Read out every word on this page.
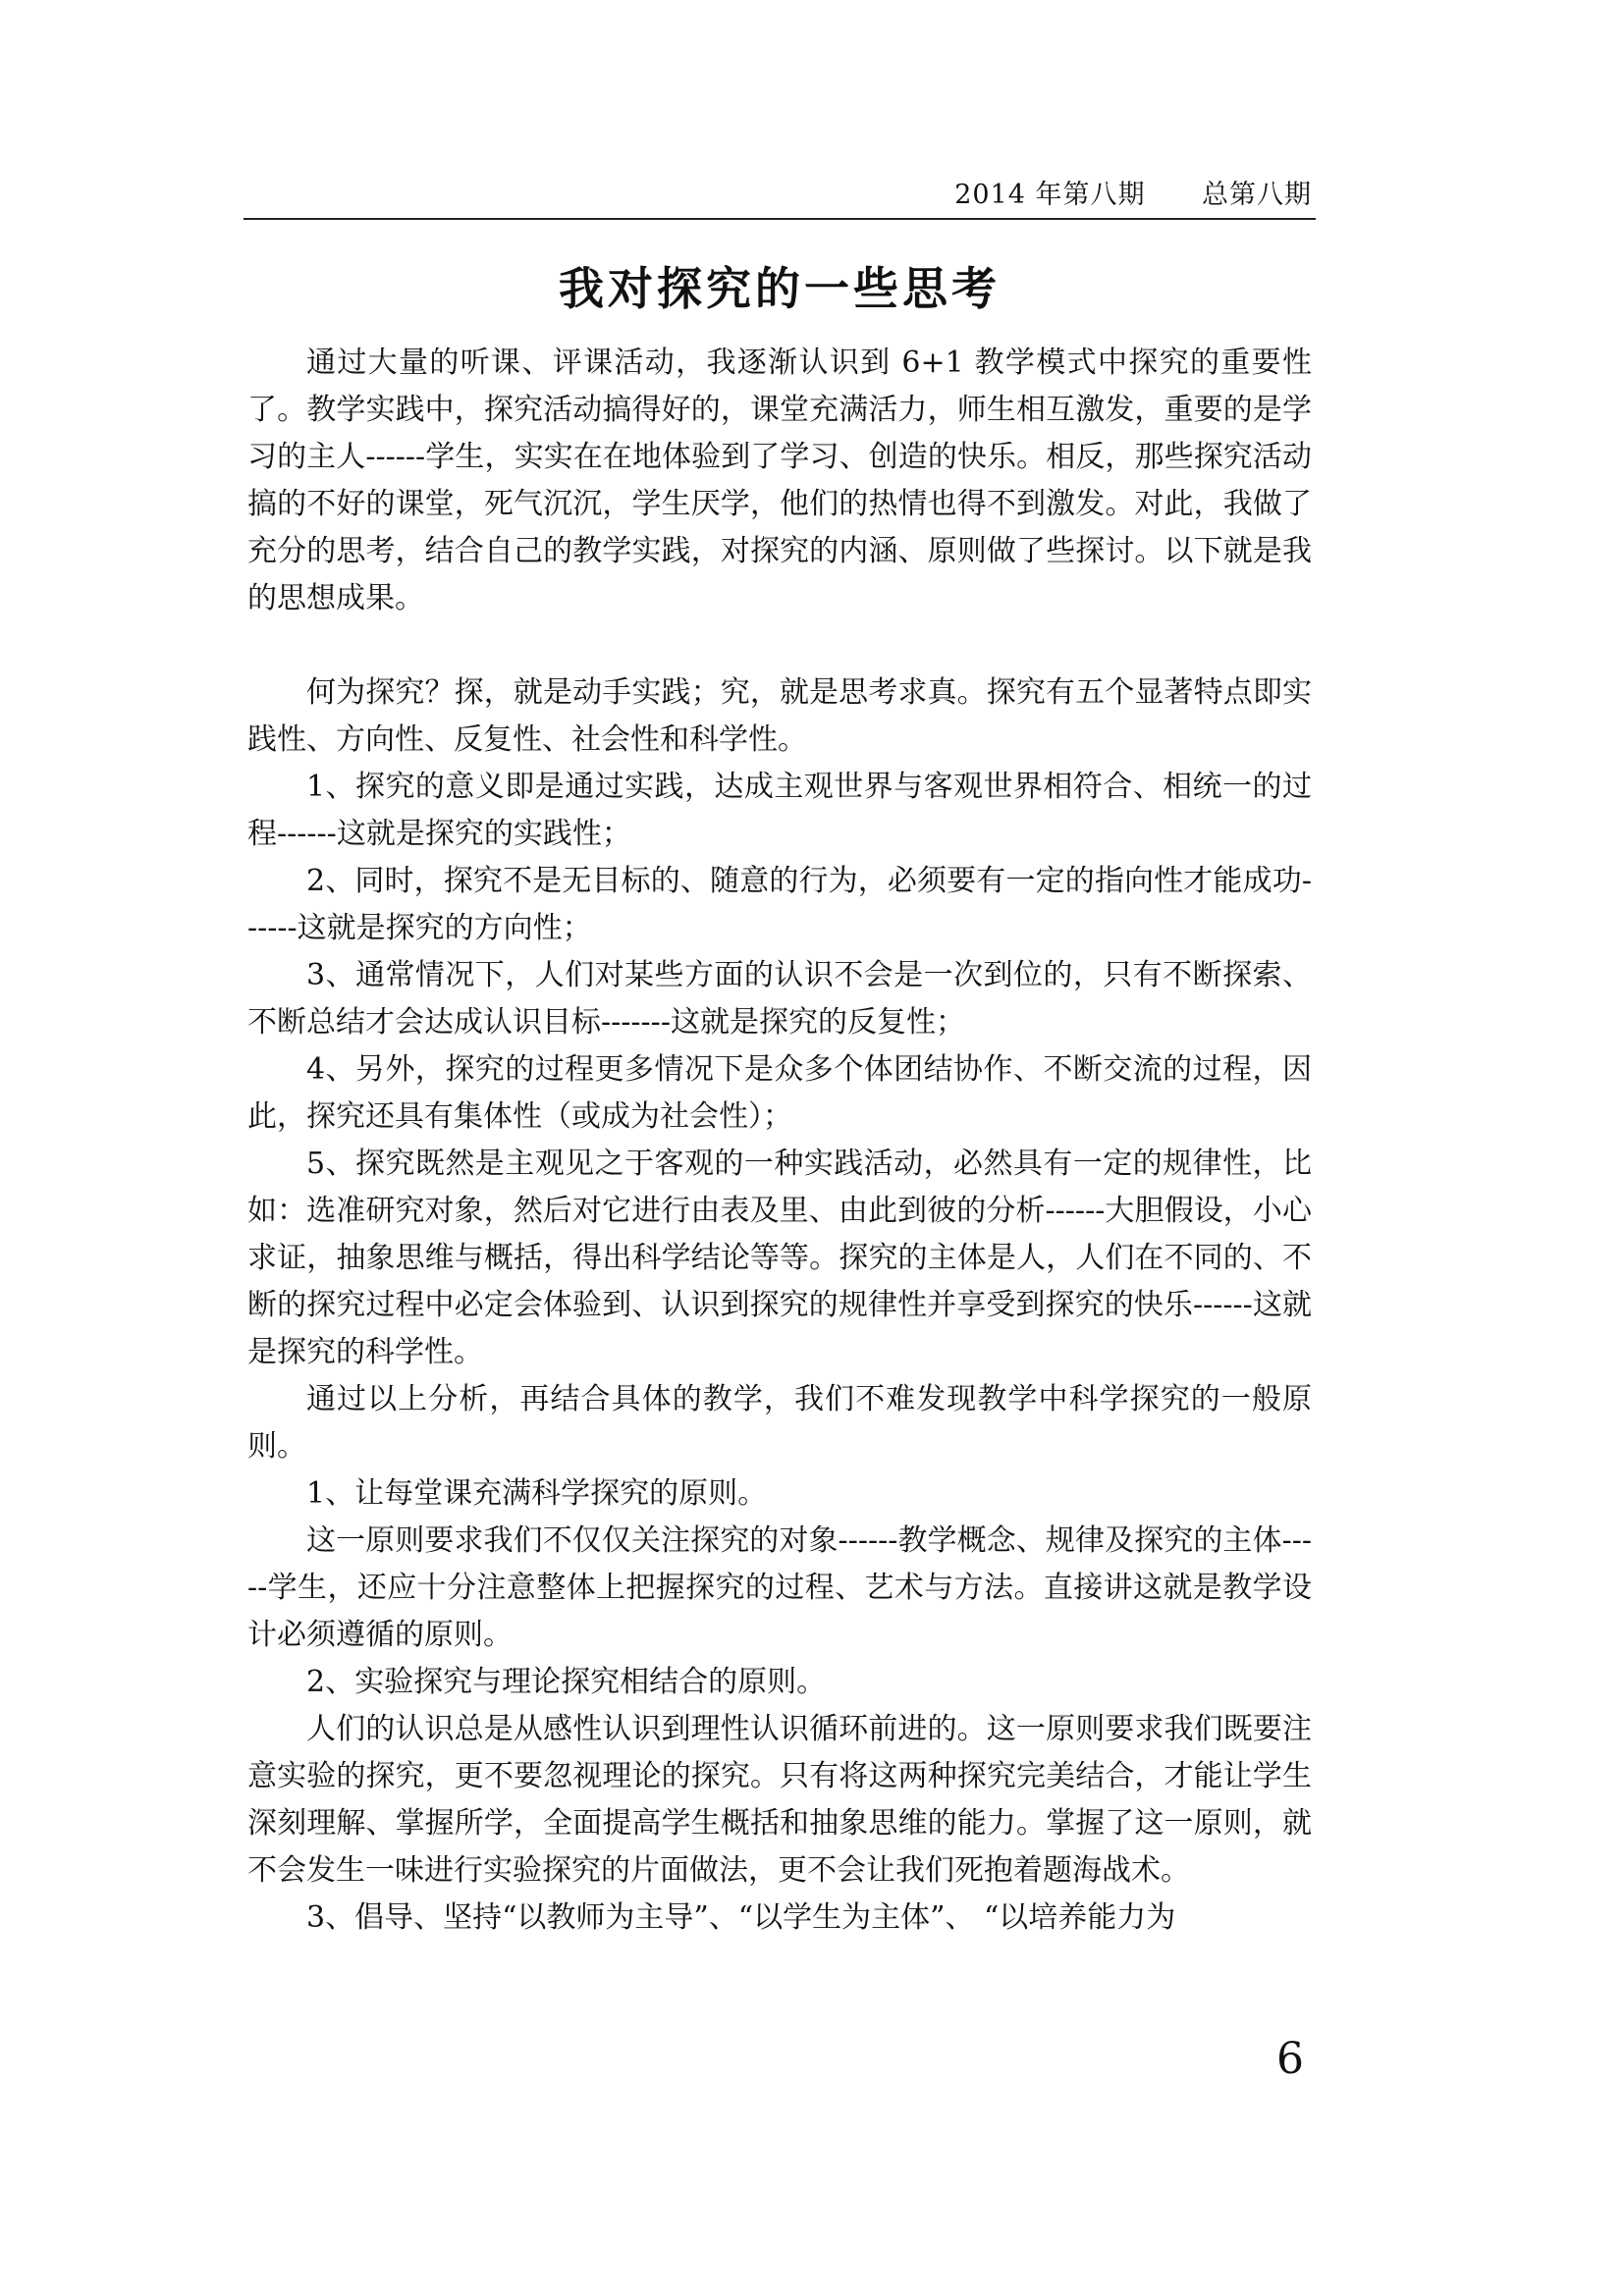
2014 年第八期 总第八期
我对探究的一些思考

通过大量的听课、评课活动，我逐渐认识到 6+1 教学模式中探究的重要性了。教学实践中，探究活动搞得好的，课堂充满活力，师生相互激发，重要的是学习的主人------学生，实实在在地体验到了学习、创造的快乐。相反，那些探究活动搞的不好的课堂，死气沉沉，学生厌学，他们的热情也得不到激发。对此，我做了充分的思考，结合自己的教学实践，对探究的内涵、原则做了些探讨。以下就是我的思想成果。

何为探究？探，就是动手实践；究，就是思考求真。探究有五个显著特点即实践性、方向性、反复性、社会性和科学性。

1、探究的意义即是通过实践，达成主观世界与客观世界相符合、相统一的过程------这就是探究的实践性；

2、同时，探究不是无目标的、随意的行为，必须要有一定的指向性才能成功------这就是探究的方向性；

3、通常情况下，人们对某些方面的认识不会是一次到位的，只有不断探索、不断总结才会达成认识目标-------这就是探究的反复性；

4、另外，探究的过程更多情况下是众多个体团结协作、不断交流的过程，因此，探究还具有集体性（或成为社会性）；

5、探究既然是主观见之于客观的一种实践活动，必然具有一定的规律性，比如：选准研究对象，然后对它进行由表及里、由此到彼的分析------大胆假设，小心求证，抽象思维与概括，得出科学结论等等。探究的主体是人，人们在不同的、不断的探究过程中必定会体验到、认识到探究的规律性并享受到探究的快乐------这就是探究的科学性。

通过以上分析，再结合具体的教学，我们不难发现教学中科学探究的一般原则。

1、让每堂课充满科学探究的原则。

这一原则要求我们不仅仅关注探究的对象------教学概念、规律及探究的主体-----学生，还应十分注意整体上把握探究的过程、艺术与方法。直接讲这就是教学设计必须遵循的原则。

2、实验探究与理论探究相结合的原则。

人们的认识总是从感性认识到理性认识循环前进的。这一原则要求我们既要注意实验的探究，更不要忽视理论的探究。只有将这两种探究完美结合，才能让学生深刻理解、掌握所学，全面提高学生概括和抽象思维的能力。掌握了这一原则，就不会发生一味进行实验探究的片面做法，更不会让我们死抱着题海战术。

3、倡导、坚持“以教师为主导”、“以学生为主体”、 “以培养能力为

6
